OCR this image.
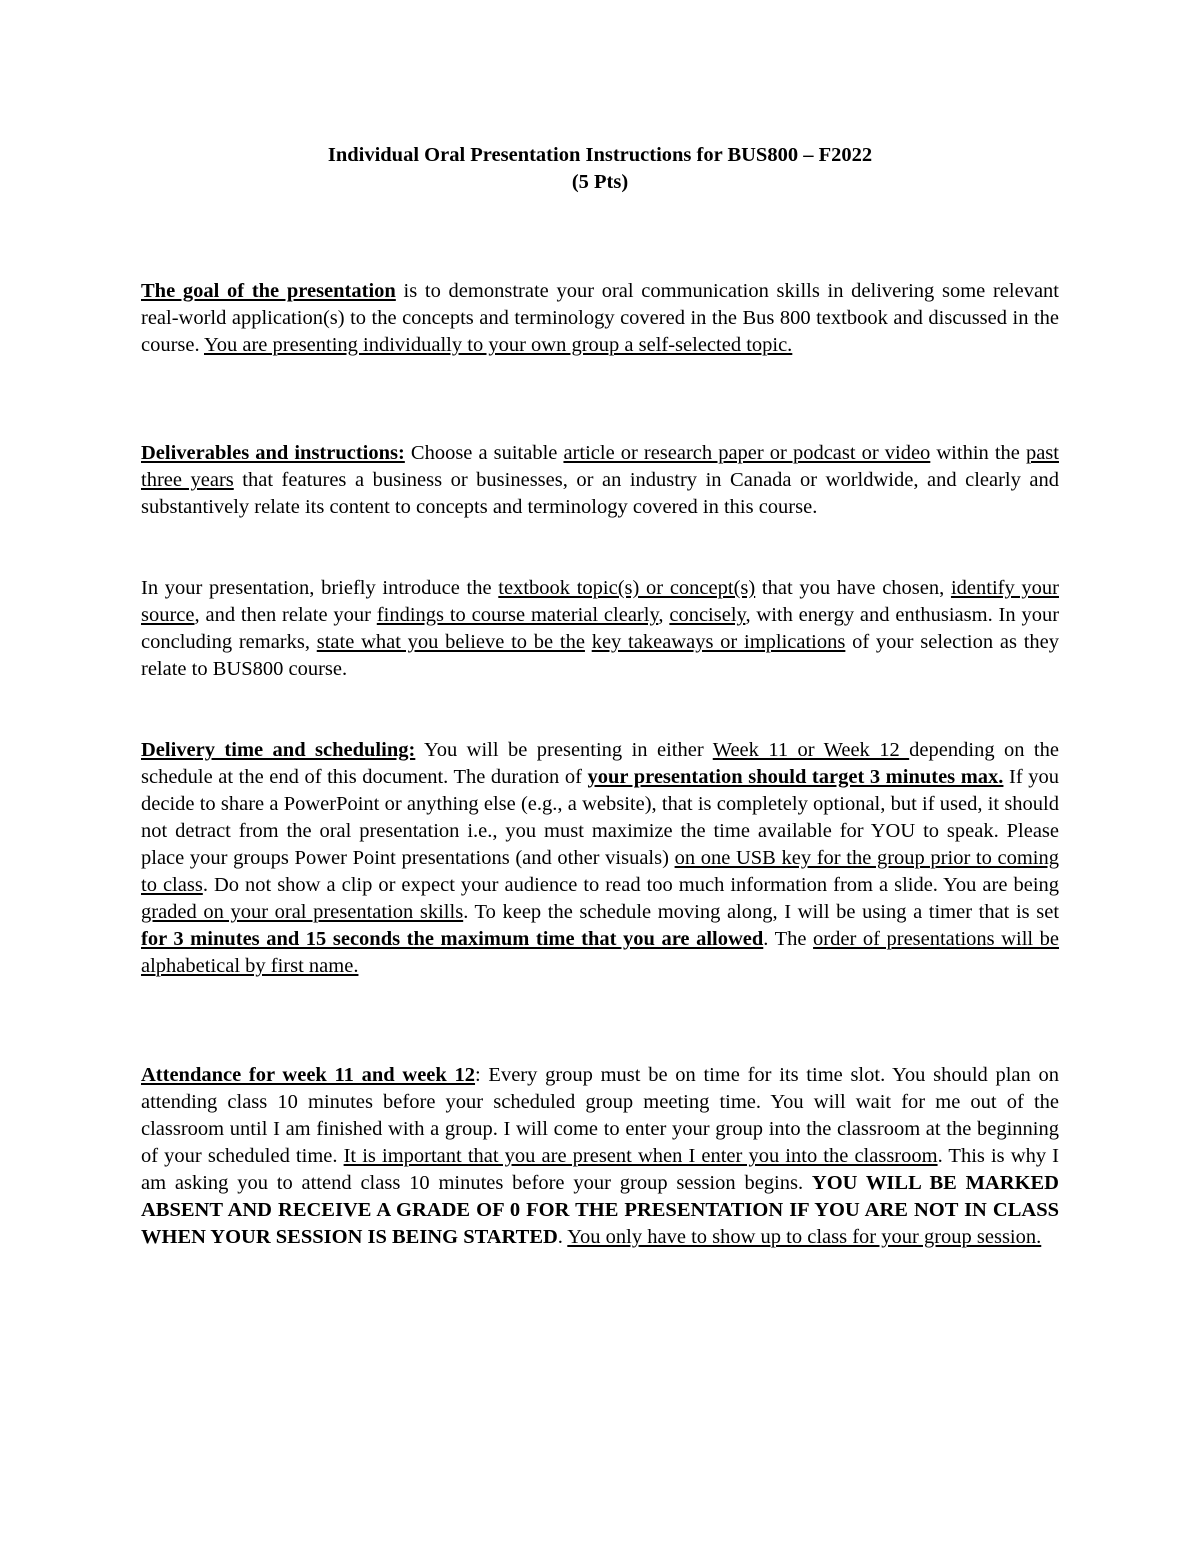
Individual Oral Presentation Instructions for BUS800 – F2022
(5 Pts)

The goal of the presentation is to demonstrate your oral communication skills in delivering some relevant real-world application(s) to the concepts and terminology covered in the Bus 800 textbook and discussed in the course. You are presenting individually to your own group a self-selected topic.

Deliverables and instructions: Choose a suitable article or research paper or podcast or video within the past three years that features a business or businesses, or an industry in Canada or worldwide, and clearly and substantively relate its content to concepts and terminology covered in this course.

In your presentation, briefly introduce the textbook topic(s) or concept(s) that you have chosen, identify your source, and then relate your findings to course material clearly, concisely, with energy and enthusiasm. In your concluding remarks, state what you believe to be the key takeaways or implications of your selection as they relate to BUS800 course.

Delivery time and scheduling: You will be presenting in either Week 11 or Week 12 depending on the schedule at the end of this document. The duration of your presentation should target 3 minutes max. If you decide to share a PowerPoint or anything else (e.g., a website), that is completely optional, but if used, it should not detract from the oral presentation i.e., you must maximize the time available for YOU to speak. Please place your groups Power Point presentations (and other visuals) on one USB key for the group prior to coming to class. Do not show a clip or expect your audience to read too much information from a slide. You are being graded on your oral presentation skills. To keep the schedule moving along, I will be using a timer that is set for 3 minutes and 15 seconds the maximum time that you are allowed. The order of presentations will be alphabetical by first name.

Attendance for week 11 and week 12: Every group must be on time for its time slot. You should plan on attending class 10 minutes before your scheduled group meeting time. You will wait for me out of the classroom until I am finished with a group. I will come to enter your group into the classroom at the beginning of your scheduled time. It is important that you are present when I enter you into the classroom. This is why I am asking you to attend class 10 minutes before your group session begins. YOU WILL BE MARKED ABSENT AND RECEIVE A GRADE OF 0 FOR THE PRESENTATION IF YOU ARE NOT IN CLASS WHEN YOUR SESSION IS BEING STARTED. You only have to show up to class for your group session.
